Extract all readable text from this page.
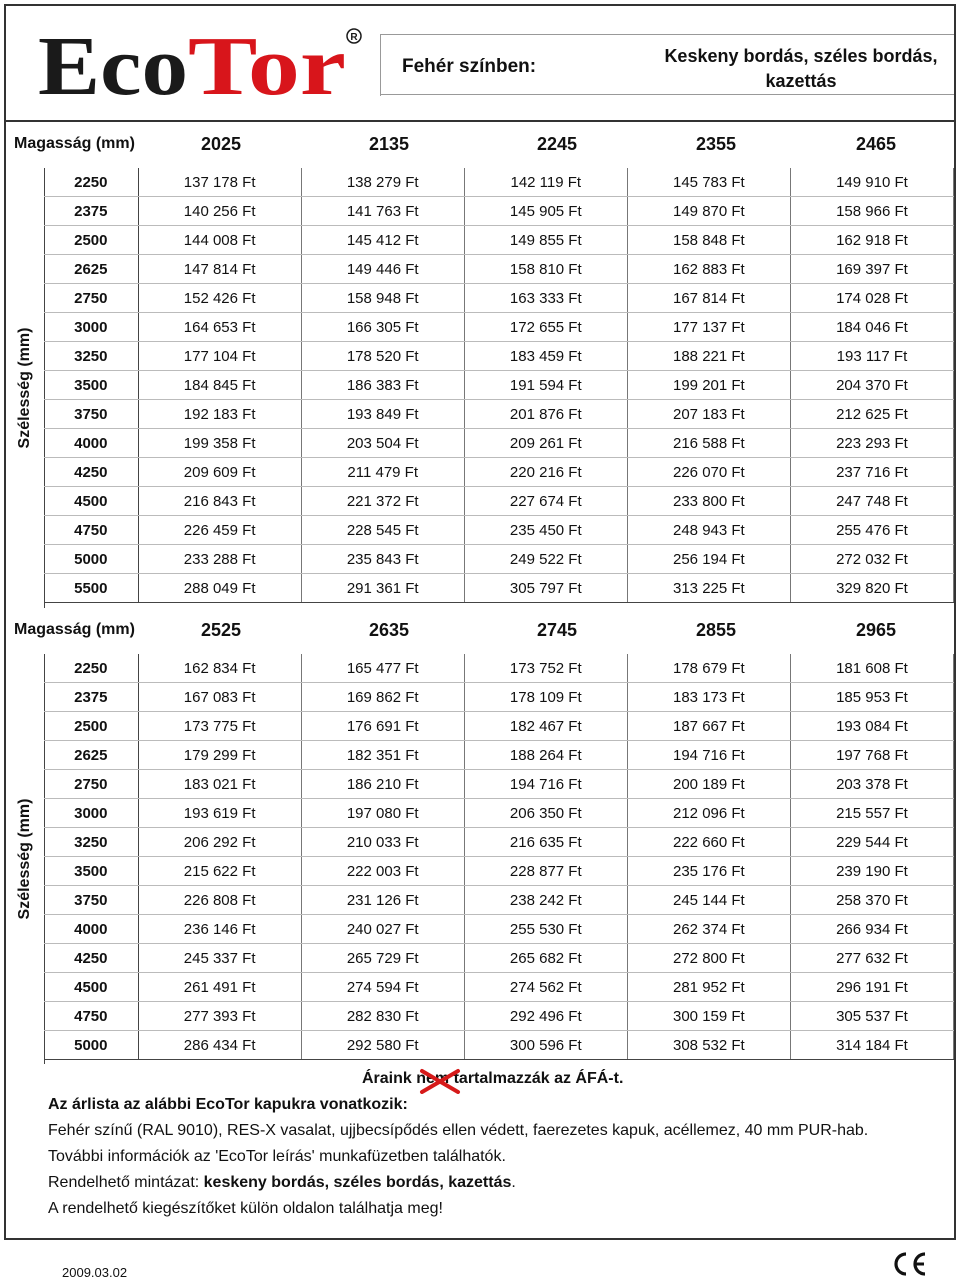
Eco Tor R
Fehér színben:	Keskeny bordás, széles bordás, kazettás
Magasság (mm)	2025	2135	2245	2355	2465
Szélesség (mm)
2250	137 178 Ft	138 279 Ft	142 119 Ft	145 783 Ft	149 910 Ft
2375	140 256 Ft	141 763 Ft	145 905 Ft	149 870 Ft	158 966 Ft
2500	144 008 Ft	145 412 Ft	149 855 Ft	158 848 Ft	162 918 Ft
2625	147 814 Ft	149 446 Ft	158 810 Ft	162 883 Ft	169 397 Ft
2750	152 426 Ft	158 948 Ft	163 333 Ft	167 814 Ft	174 028 Ft
3000	164 653 Ft	166 305 Ft	172 655 Ft	177 137 Ft	184 046 Ft
3250	177 104 Ft	178 520 Ft	183 459 Ft	188 221 Ft	193 117 Ft
3500	184 845 Ft	186 383 Ft	191 594 Ft	199 201 Ft	204 370 Ft
3750	192 183 Ft	193 849 Ft	201 876 Ft	207 183 Ft	212 625 Ft
4000	199 358 Ft	203 504 Ft	209 261 Ft	216 588 Ft	223 293 Ft
4250	209 609 Ft	211 479 Ft	220 216 Ft	226 070 Ft	237 716 Ft
4500	216 843 Ft	221 372 Ft	227 674 Ft	233 800 Ft	247 748 Ft
4750	226 459 Ft	228 545 Ft	235 450 Ft	248 943 Ft	255 476 Ft
5000	233 288 Ft	235 843 Ft	249 522 Ft	256 194 Ft	272 032 Ft
5500	288 049 Ft	291 361 Ft	305 797 Ft	313 225 Ft	329 820 Ft
Magasság (mm)	2525	2635	2745	2855	2965
Szélesség (mm)
2250	162 834 Ft	165 477 Ft	173 752 Ft	178 679 Ft	181 608 Ft
2375	167 083 Ft	169 862 Ft	178 109 Ft	183 173 Ft	185 953 Ft
2500	173 775 Ft	176 691 Ft	182 467 Ft	187 667 Ft	193 084 Ft
2625	179 299 Ft	182 351 Ft	188 264 Ft	194 716 Ft	197 768 Ft
2750	183 021 Ft	186 210 Ft	194 716 Ft	200 189 Ft	203 378 Ft
3000	193 619 Ft	197 080 Ft	206 350 Ft	212 096 Ft	215 557 Ft
3250	206 292 Ft	210 033 Ft	216 635 Ft	222 660 Ft	229 544 Ft
3500	215 622 Ft	222 003 Ft	228 877 Ft	235 176 Ft	239 190 Ft
3750	226 808 Ft	231 126 Ft	238 242 Ft	245 144 Ft	258 370 Ft
4000	236 146 Ft	240 027 Ft	255 530 Ft	262 374 Ft	266 934 Ft
4250	245 337 Ft	265 729 Ft	265 682 Ft	272 800 Ft	277 632 Ft
4500	261 491 Ft	274 594 Ft	274 562 Ft	281 952 Ft	296 191 Ft
4750	277 393 Ft	282 830 Ft	292 496 Ft	300 159 Ft	305 537 Ft
5000	286 434 Ft	292 580 Ft	300 596 Ft	308 532 Ft	314 184 Ft
Áraink nem tartalmazzák az ÁFÁ-t.
Az árlista az alábbi EcoTor kapukra vonatkozik:
Fehér színű (RAL 9010), RES-X vasalat, ujjbecsípődés ellen védett, faerezetes kapuk, acéllemez, 40 mm PUR-hab.
További információk az 'EcoTor leírás' munkafüzetben találhatók.
Rendelhető mintázat: keskeny bordás, széles bordás, kazettás.
A rendelhető kiegészítőket külön oldalon találhatja meg!
2009.03.02
